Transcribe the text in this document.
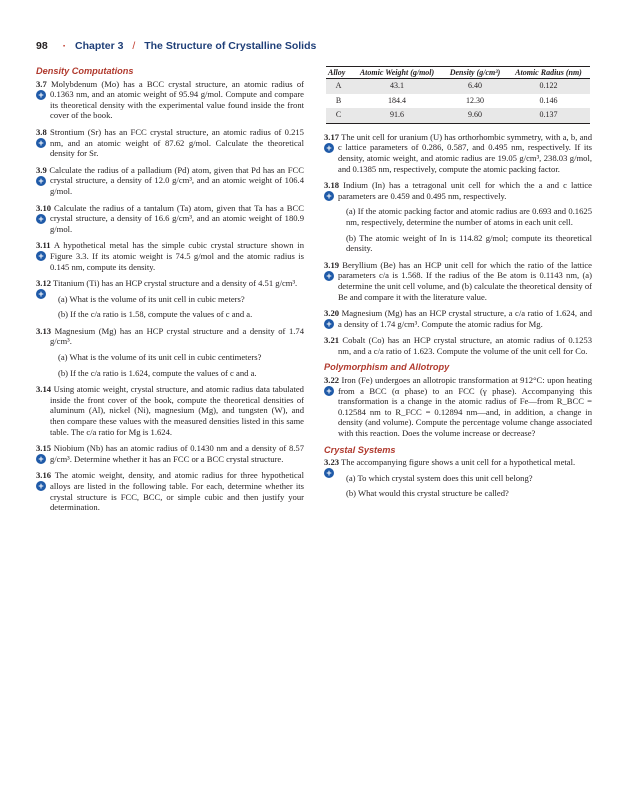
98 · Chapter 3 / The Structure of Crystalline Solids
Density Computations
+
3.7 Molybdenum (Mo) has a BCC crystal structure, an atomic radius of 0.1363 nm, and an atomic weight of 95.94 g/mol. Compute and compare its theoretical density with the experimental value found inside the front cover of the book.
+
3.8 Strontium (Sr) has an FCC crystal structure, an atomic radius of 0.215 nm, and an atomic weight of 87.62 g/mol. Calculate the theoretical density for Sr.
+
3.9 Calculate the radius of a palladium (Pd) atom, given that Pd has an FCC crystal structure, a density of 12.0 g/cm³, and an atomic weight of 106.4 g/mol.
+
3.10 Calculate the radius of a tantalum (Ta) atom, given that Ta has a BCC crystal structure, a density of 16.6 g/cm³, and an atomic weight of 180.9 g/mol.
+
3.11 A hypothetical metal has the simple cubic crystal structure shown in Figure 3.3. If its atomic weight is 74.5 g/mol and the atomic radius is 0.145 nm, compute its density.
+
3.12 Titanium (Ti) has an HCP crystal structure and a density of 4.51 g/cm³.
(a) What is the volume of its unit cell in cubic meters?
(b) If the c/a ratio is 1.58, compute the values of c and a.
3.13 Magnesium (Mg) has an HCP crystal structure and a density of 1.74 g/cm³.
(a) What is the volume of its unit cell in cubic centimeters?
(b) If the c/a ratio is 1.624, compute the values of c and a.
3.14 Using atomic weight, crystal structure, and atomic radius data tabulated inside the front cover of the book, compute the theoretical densities of aluminum (Al), nickel (Ni), magnesium (Mg), and tungsten (W), and then compare these values with the measured densities listed in this same table. The c/a ratio for Mg is 1.624.
+
3.15 Niobium (Nb) has an atomic radius of 0.1430 nm and a density of 8.57 g/cm³. Determine whether it has an FCC or a BCC crystal structure.
+
3.16 The atomic weight, density, and atomic radius for three hypothetical alloys are listed in the following table. For each, determine whether its crystal structure is FCC, BCC, or simple cubic and then justify your determination.
Alloy	Atomic Weight (g/mol)	Density (g/cm³)	Atomic Radius (nm)
A	43.1	6.40	0.122
B	184.4	12.30	0.146
C	91.6	9.60	0.137
+
3.17 The unit cell for uranium (U) has orthorhombic symmetry, with a, b, and c lattice parameters of 0.286, 0.587, and 0.495 nm, respectively. If its density, atomic weight, and atomic radius are 19.05 g/cm³, 238.03 g/mol, and 0.1385 nm, respectively, compute the atomic packing factor.
+
3.18 Indium (In) has a tetragonal unit cell for which the a and c lattice parameters are 0.459 and 0.495 nm, respectively.
(a) If the atomic packing factor and atomic radius are 0.693 and 0.1625 nm, respectively, determine the number of atoms in each unit cell.
(b) The atomic weight of In is 114.82 g/mol; compute its theoretical density.
+
3.19 Beryllium (Be) has an HCP unit cell for which the ratio of the lattice parameters c/a is 1.568. If the radius of the Be atom is 0.1143 nm, (a) determine the unit cell volume, and (b) calculate the theoretical density of Be and compare it with the literature value.
+
3.20 Magnesium (Mg) has an HCP crystal structure, a c/a ratio of 1.624, and a density of 1.74 g/cm³. Compute the atomic radius for Mg.
3.21 Cobalt (Co) has an HCP crystal structure, an atomic radius of 0.1253 nm, and a c/a ratio of 1.623. Compute the volume of the unit cell for Co.
Polymorphism and Allotropy
+
3.22 Iron (Fe) undergoes an allotropic transformation at 912°C: upon heating from a BCC (α phase) to an FCC (γ phase). Accompanying this transformation is a change in the atomic radius of Fe—from R_BCC = 0.12584 nm to R_FCC = 0.12894 nm—and, in addition, a change in density (and volume). Compute the percentage volume change associated with this reaction. Does the volume increase or decrease?
Crystal Systems
+
3.23 The accompanying figure shows a unit cell for a hypothetical metal.
(a) To which crystal system does this unit cell belong?
(b) What would this crystal structure be called?
